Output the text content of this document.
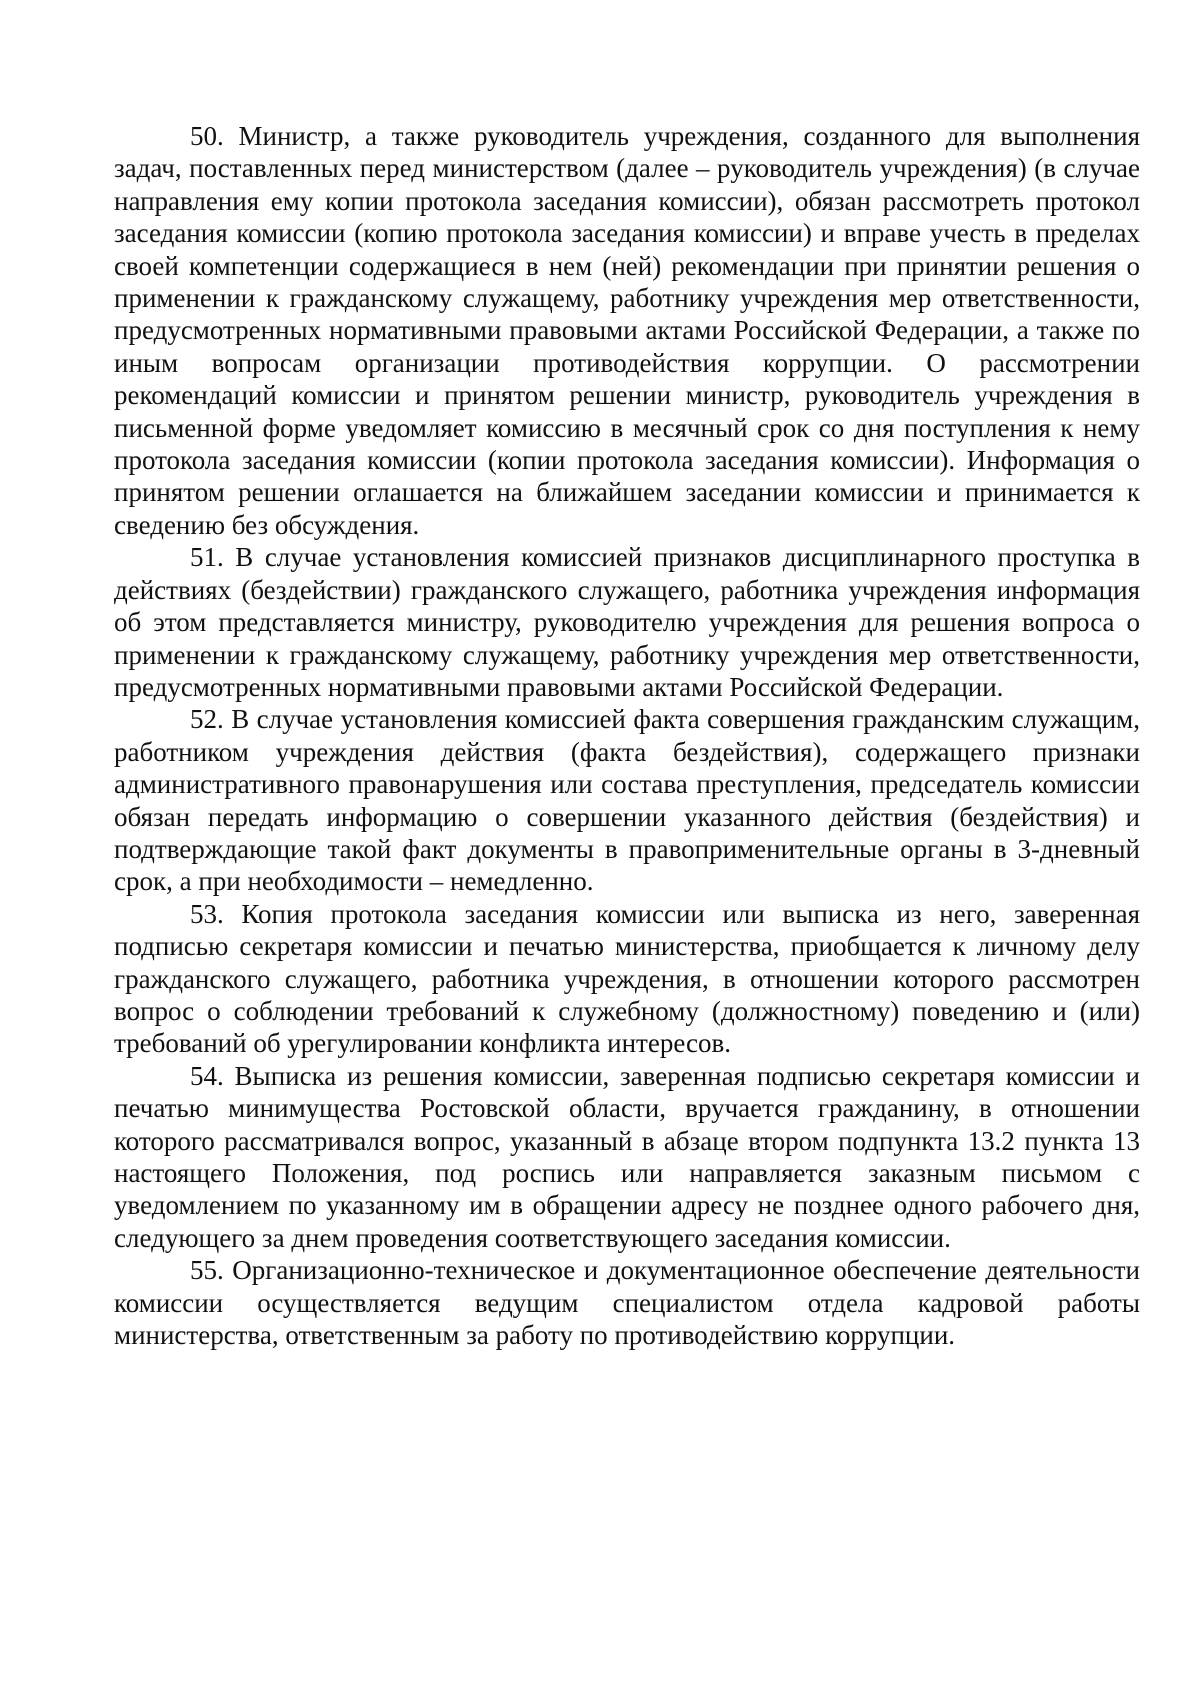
50. Министр, а также руководитель учреждения, созданного для выполнения задач, поставленных перед министерством (далее – руководитель учреждения) (в случае направления ему копии протокола заседания комиссии), обязан рассмотреть протокол заседания комиссии (копию протокола заседания комиссии) и вправе учесть в пределах своей компетенции содержащиеся в нем (ней) рекомендации при принятии решения о применении к гражданскому служащему, работнику учреждения мер ответственности, предусмотренных нормативными правовыми актами Российской Федерации, а также по иным вопросам организации противодействия коррупции. О рассмотрении рекомендаций комиссии и принятом решении министр, руководитель учреждения в письменной форме уведомляет комиссию в месячный срок со дня поступления к нему протокола заседания комиссии (копии протокола заседания комиссии). Информация о принятом решении оглашается на ближайшем заседании комиссии и принимается к сведению без обсуждения.

51. В случае установления комиссией признаков дисциплинарного проступка в действиях (бездействии) гражданского служащего, работника учреждения информация об этом представляется министру, руководителю учреждения для решения вопроса о применении к гражданскому служащему, работнику учреждения мер ответственности, предусмотренных нормативными правовыми актами Российской Федерации.

52. В случае установления комиссией факта совершения гражданским служащим, работником учреждения действия (факта бездействия), содержащего признаки административного правонарушения или состава преступления, председатель комиссии обязан передать информацию о совершении указанного действия (бездействия) и подтверждающие такой факт документы в правоприменительные органы в 3-дневный срок, а при необходимости – немедленно.

53. Копия протокола заседания комиссии или выписка из него, заверенная подписью секретаря комиссии и печатью министерства, приобщается к личному делу гражданского служащего, работника учреждения, в отношении которого рассмотрен вопрос о соблюдении требований к служебному (должностному) поведению и (или) требований об урегулировании конфликта интересов.

54. Выписка из решения комиссии, заверенная подписью секретаря комиссии и печатью минимущества Ростовской области, вручается гражданину, в отношении которого рассматривался вопрос, указанный в абзаце втором подпункта 13.2 пункта 13 настоящего Положения, под роспись или направляется заказным письмом с уведомлением по указанному им в обращении адресу не позднее одного рабочего дня, следующего за днем проведения соответствующего заседания комиссии.

55. Организационно-техническое и документационное обеспечение деятельности комиссии осуществляется ведущим специалистом отдела кадровой работы министерства, ответственным за работу по противодействию коррупции.
